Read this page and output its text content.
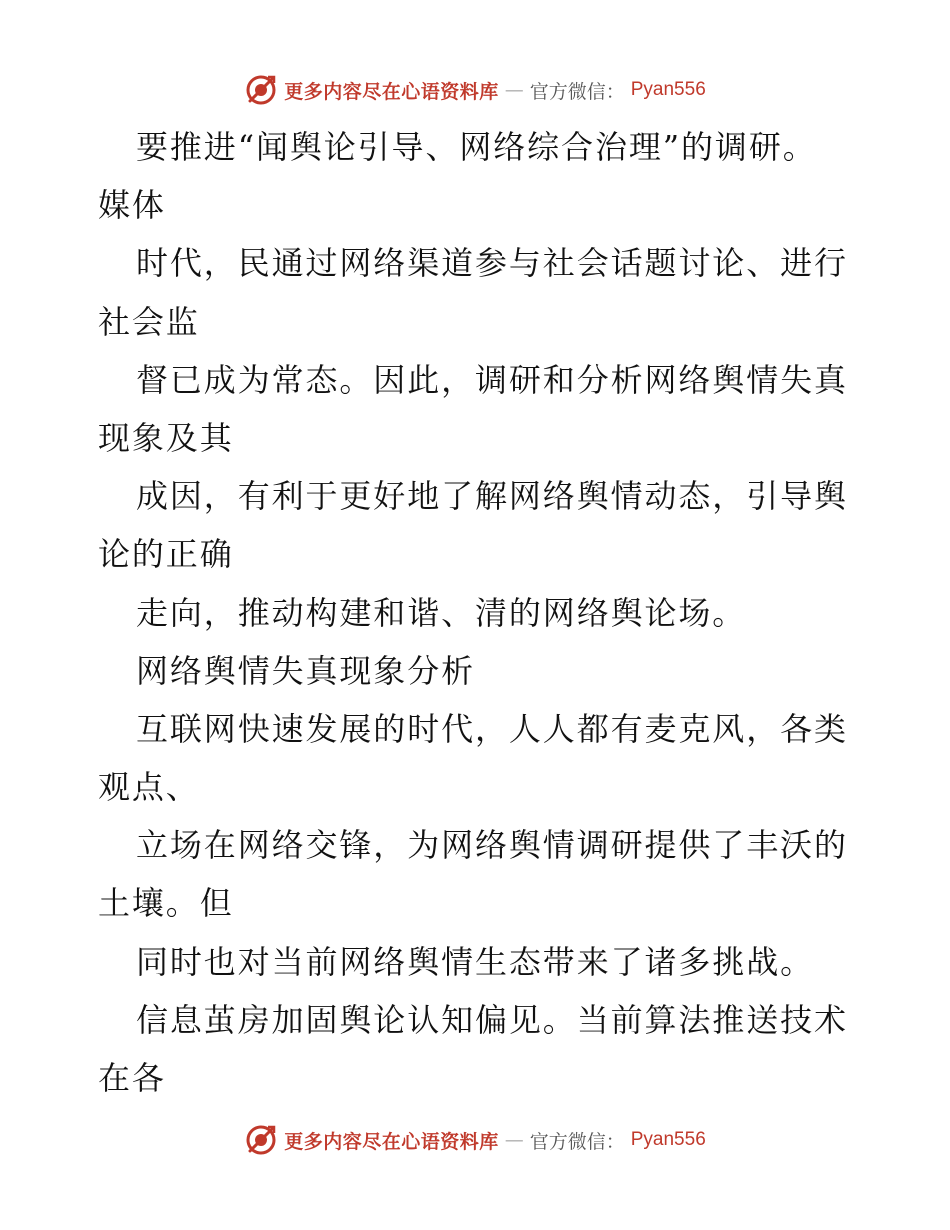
更多内容尽在心语资料库 — 官方微信： Pyan556
要推进“闻舆论引导、网络综合治理”的调研。
媒体
时代，民通过网络渠道参与社会话题讨论、进行
社会监
督已成为常态。因此，调研和分析网络舆情失真
现象及其
成因，有利于更好地了解网络舆情动态，引导舆
论的正确
走向，推动构建和谐、清的网络舆论场。
网络舆情失真现象分析
互联网快速发展的时代，人人都有麦克风，各类
观点、
立场在网络交锋，为网络舆情调研提供了丰沃的
土壤。但
同时也对当前网络舆情生态带来了诸多挑战。
信息茧房加固舆论认知偏见。当前算法推送技术
在各
更多内容尽在心语资料库 — 官方微信： Pyan556
